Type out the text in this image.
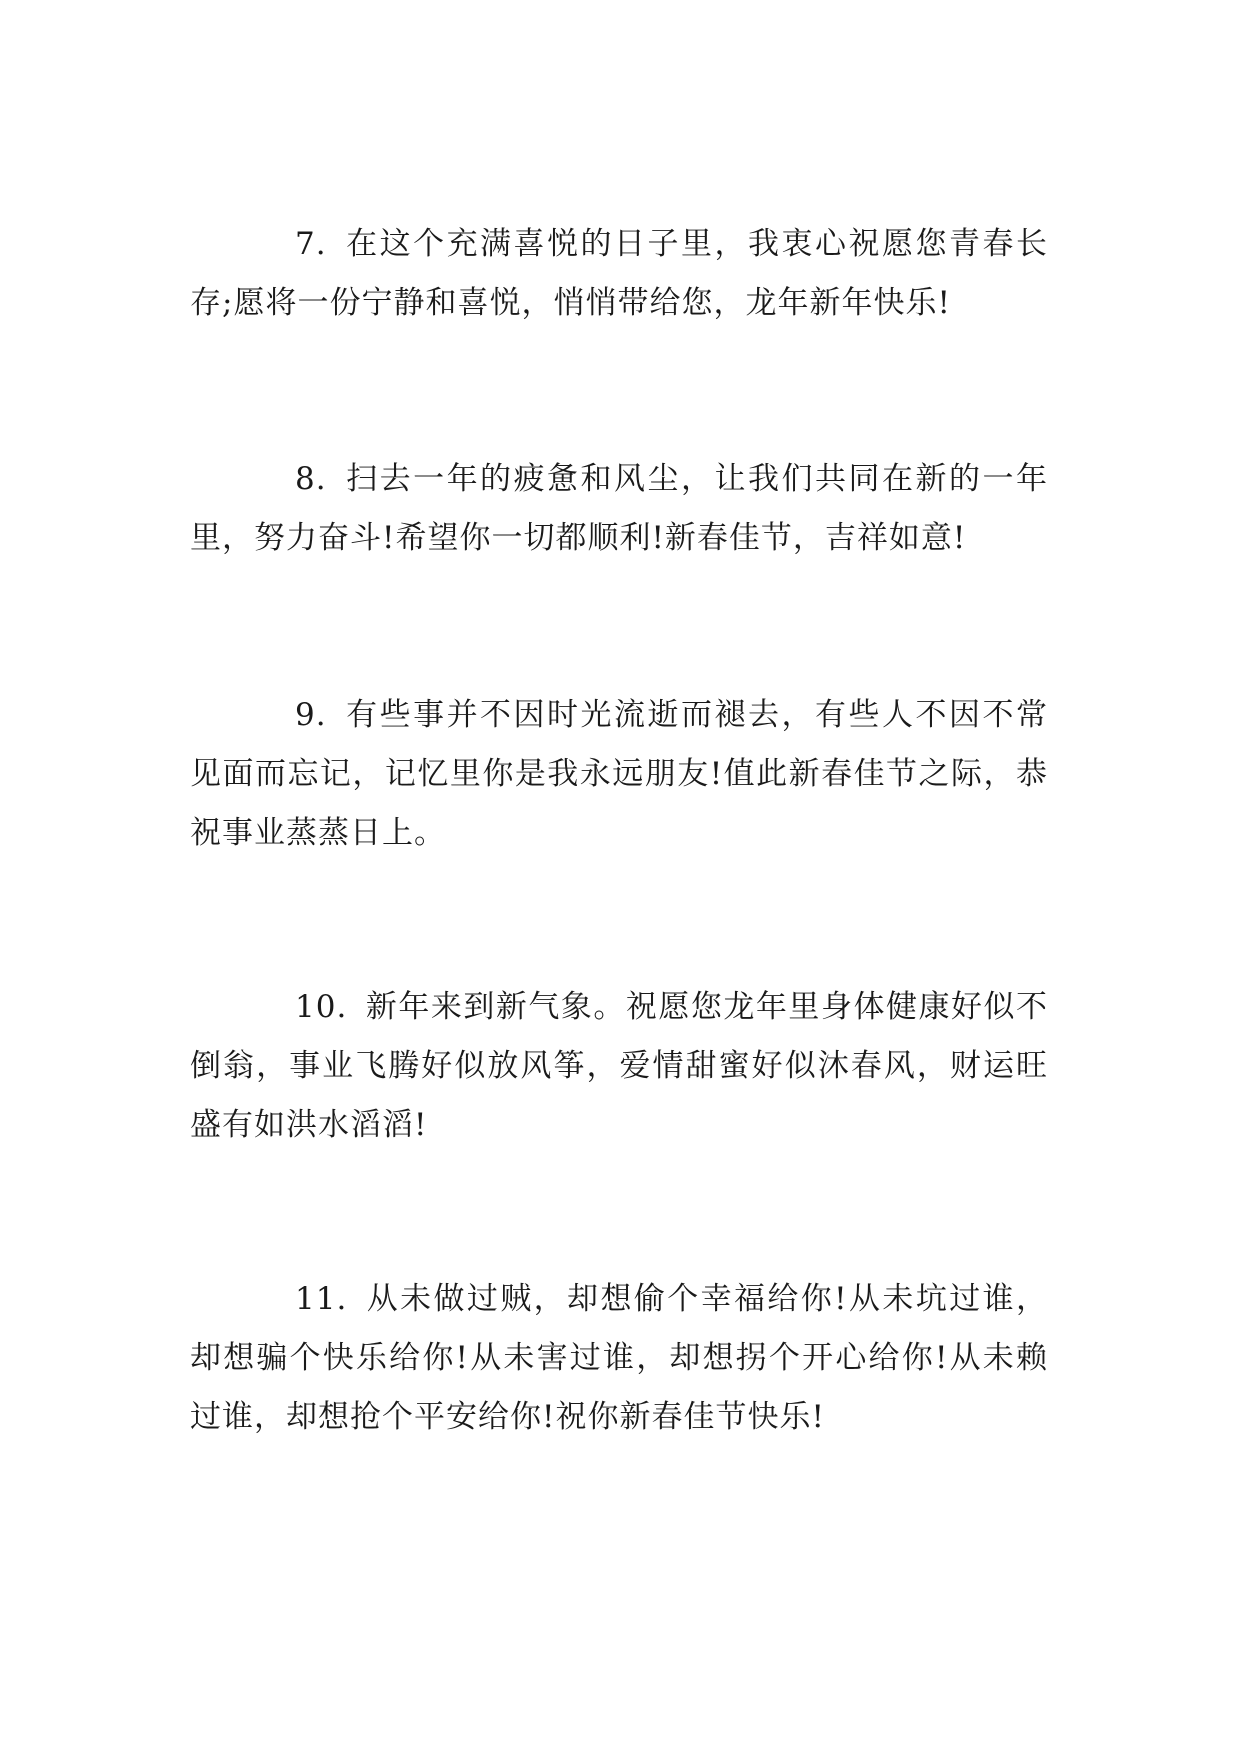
7. 在这个充满喜悦的日子里，我衷心祝愿您青春长存;愿将一份宁静和喜悦，悄悄带给您，龙年新年快乐!

8. 扫去一年的疲惫和风尘，让我们共同在新的一年里，努力奋斗!希望你一切都顺利!新春佳节，吉祥如意!

9. 有些事并不因时光流逝而褪去，有些人不因不常见面而忘记，记忆里你是我永远朋友!值此新春佳节之际，恭祝事业蒸蒸日上。

10. 新年来到新气象。祝愿您龙年里身体健康好似不倒翁，事业飞腾好似放风筝，爱情甜蜜好似沐春风，财运旺盛有如洪水滔滔!

11. 从未做过贼，却想偷个幸福给你!从未坑过谁，却想骗个快乐给你!从未害过谁，却想拐个开心给你!从未赖过谁，却想抢个平安给你!祝你新春佳节快乐!
